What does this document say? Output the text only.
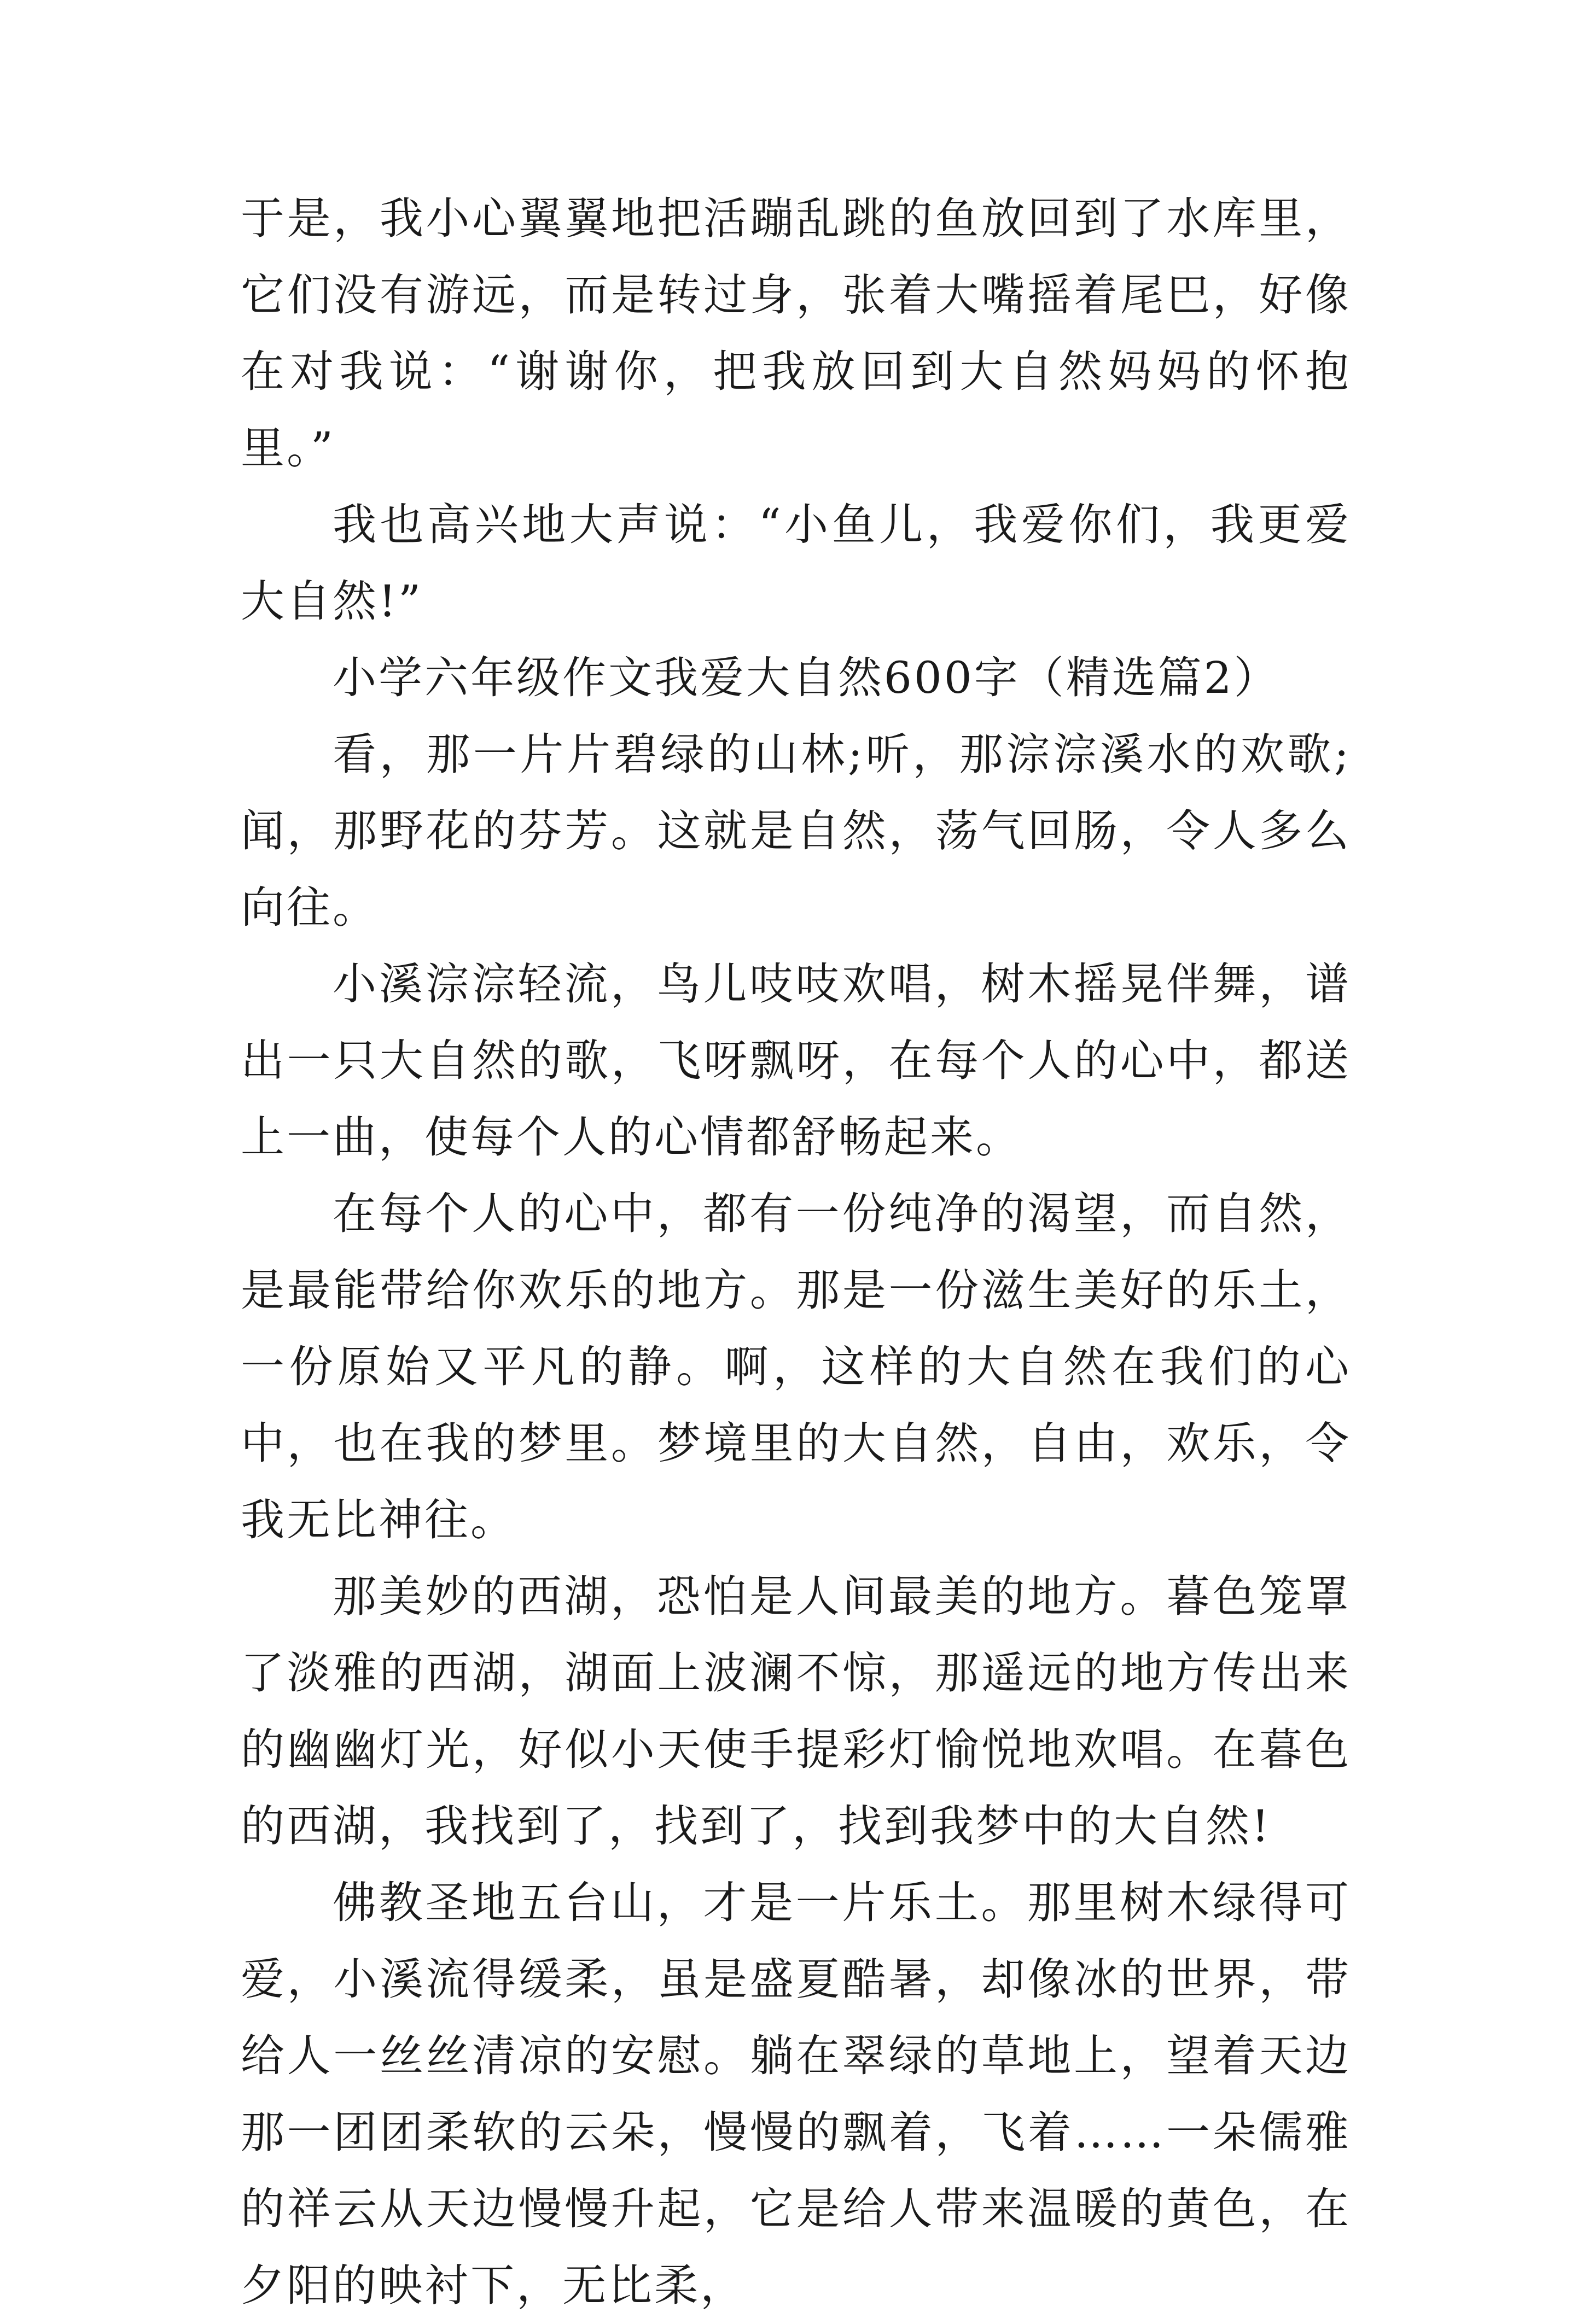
于是，我小心翼翼地把活蹦乱跳的鱼放回到了水库里，它们没有游远，而是转过身，张着大嘴摇着尾巴，好像在对我说：“谢谢你，把我放回到大自然妈妈的怀抱里。”

我也高兴地大声说：“小鱼儿，我爱你们，我更爱大自然!”

小学六年级作文我爱大自然600字（精选篇2）

看，那一片片碧绿的山林;听，那淙淙溪水的欢歌;闻，那野花的芬芳。这就是自然，荡气回肠，令人多么向往。

小溪淙淙轻流，鸟儿吱吱欢唱，树木摇晃伴舞，谱出一只大自然的歌，飞呀飘呀，在每个人的心中，都送上一曲，使每个人的心情都舒畅起来。

在每个人的心中，都有一份纯净的渴望，而自然，是最能带给你欢乐的地方。那是一份滋生美好的乐土，一份原始又平凡的静。啊，这样的大自然在我们的心中，也在我的梦里。梦境里的大自然，自由，欢乐，令我无比神往。

那美妙的西湖，恐怕是人间最美的地方。暮色笼罩了淡雅的西湖，湖面上波澜不惊，那遥远的地方传出来的幽幽灯光，好似小天使手提彩灯愉悦地欢唱。在暮色的西湖，我找到了，找到了，找到我梦中的大自然!

佛教圣地五台山，才是一片乐土。那里树木绿得可爱，小溪流得缓柔，虽是盛夏酷暑，却像冰的世界，带给人一丝丝清凉的安慰。躺在翠绿的草地上，望着天边那一团团柔软的云朵，慢慢的飘着，飞着……一朵儒雅的祥云从天边慢慢升起，它是给人带来温暖的黄色，在夕阳的映衬下，无比柔，
